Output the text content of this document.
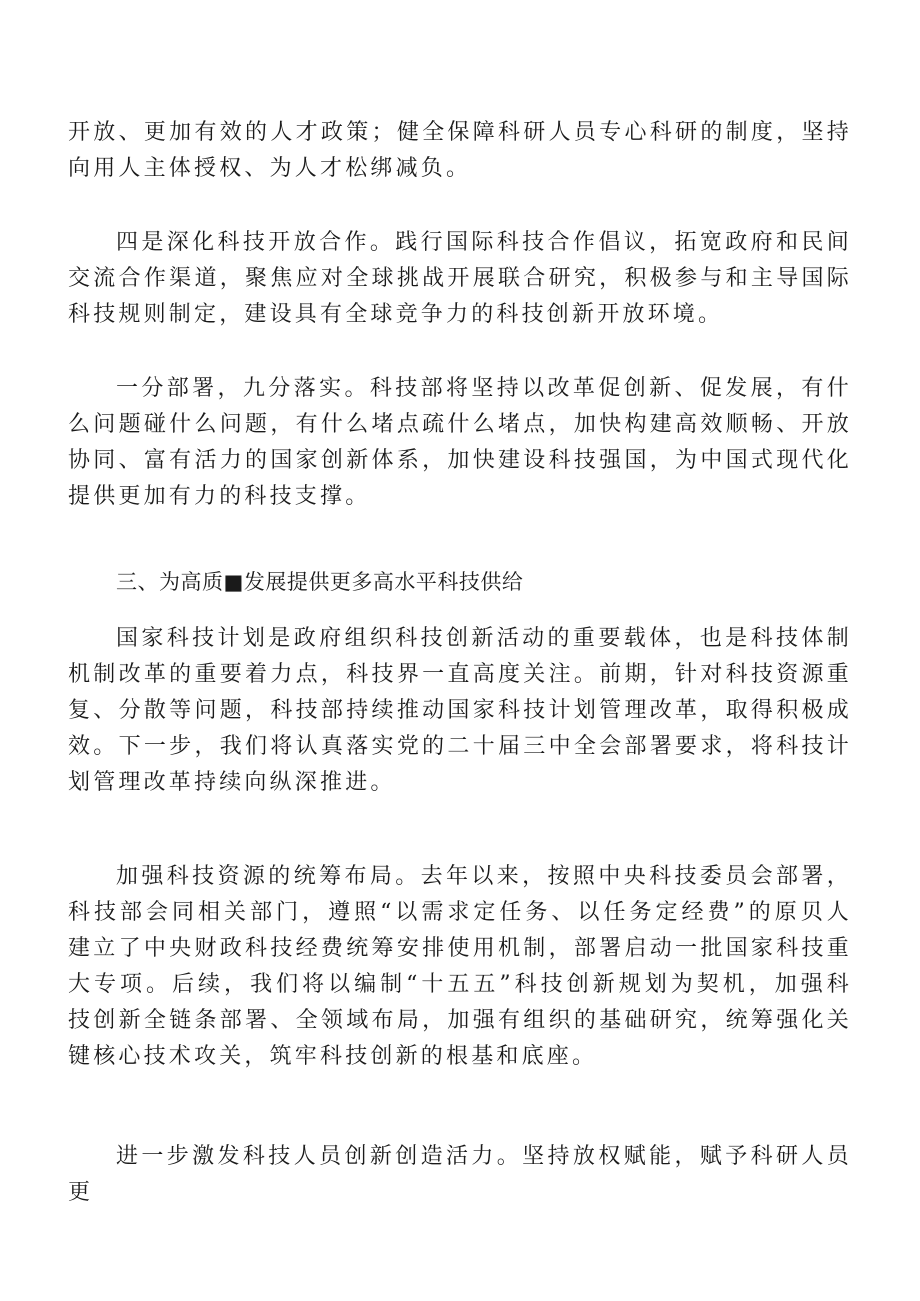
开放、更加有效的人才政策；健全保障科研人员专心科研的制度，坚持向用人主体授权、为人才松绑减负。

四是深化科技开放合作。践行国际科技合作倡议，拓宽政府和民间交流合作渠道，聚焦应对全球挑战开展联合研究，积极参与和主导国际科技规则制定，建设具有全球竞争力的科技创新开放环境。

一分部署，九分落实。科技部将坚持以改革促创新、促发展，有什么问题碰什么问题，有什么堵点疏什么堵点，加快构建高效顺畅、开放协同、富有活力的国家创新体系，加快建设科技强国，为中国式现代化提供更加有力的科技支撑。

三、为高质■发展提供更多高水平科技供给

国家科技计划是政府组织科技创新活动的重要载体，也是科技体制机制改革的重要着力点，科技界一直高度关注。前期，针对科技资源重复、分散等问题，科技部持续推动国家科技计划管理改革，取得积极成效。下一步，我们将认真落实党的二十届三中全会部署要求，将科技计划管理改革持续向纵深推进。

加强科技资源的统筹布局。去年以来，按照中央科技委员会部署，科技部会同相关部门，遵照“以需求定任务、以任务定经费”的原贝人建立了中央财政科技经费统筹安排使用机制，部署启动一批国家科技重大专项。后续，我们将以编制“十五五”科技创新规划为契机，加强科技创新全链条部署、全领域布局，加强有组织的基础研究，统筹强化关键核心技术攻关，筑牢科技创新的根基和底座。

进一步激发科技人员创新创造活力。坚持放权赋能，赋予科研人员更
